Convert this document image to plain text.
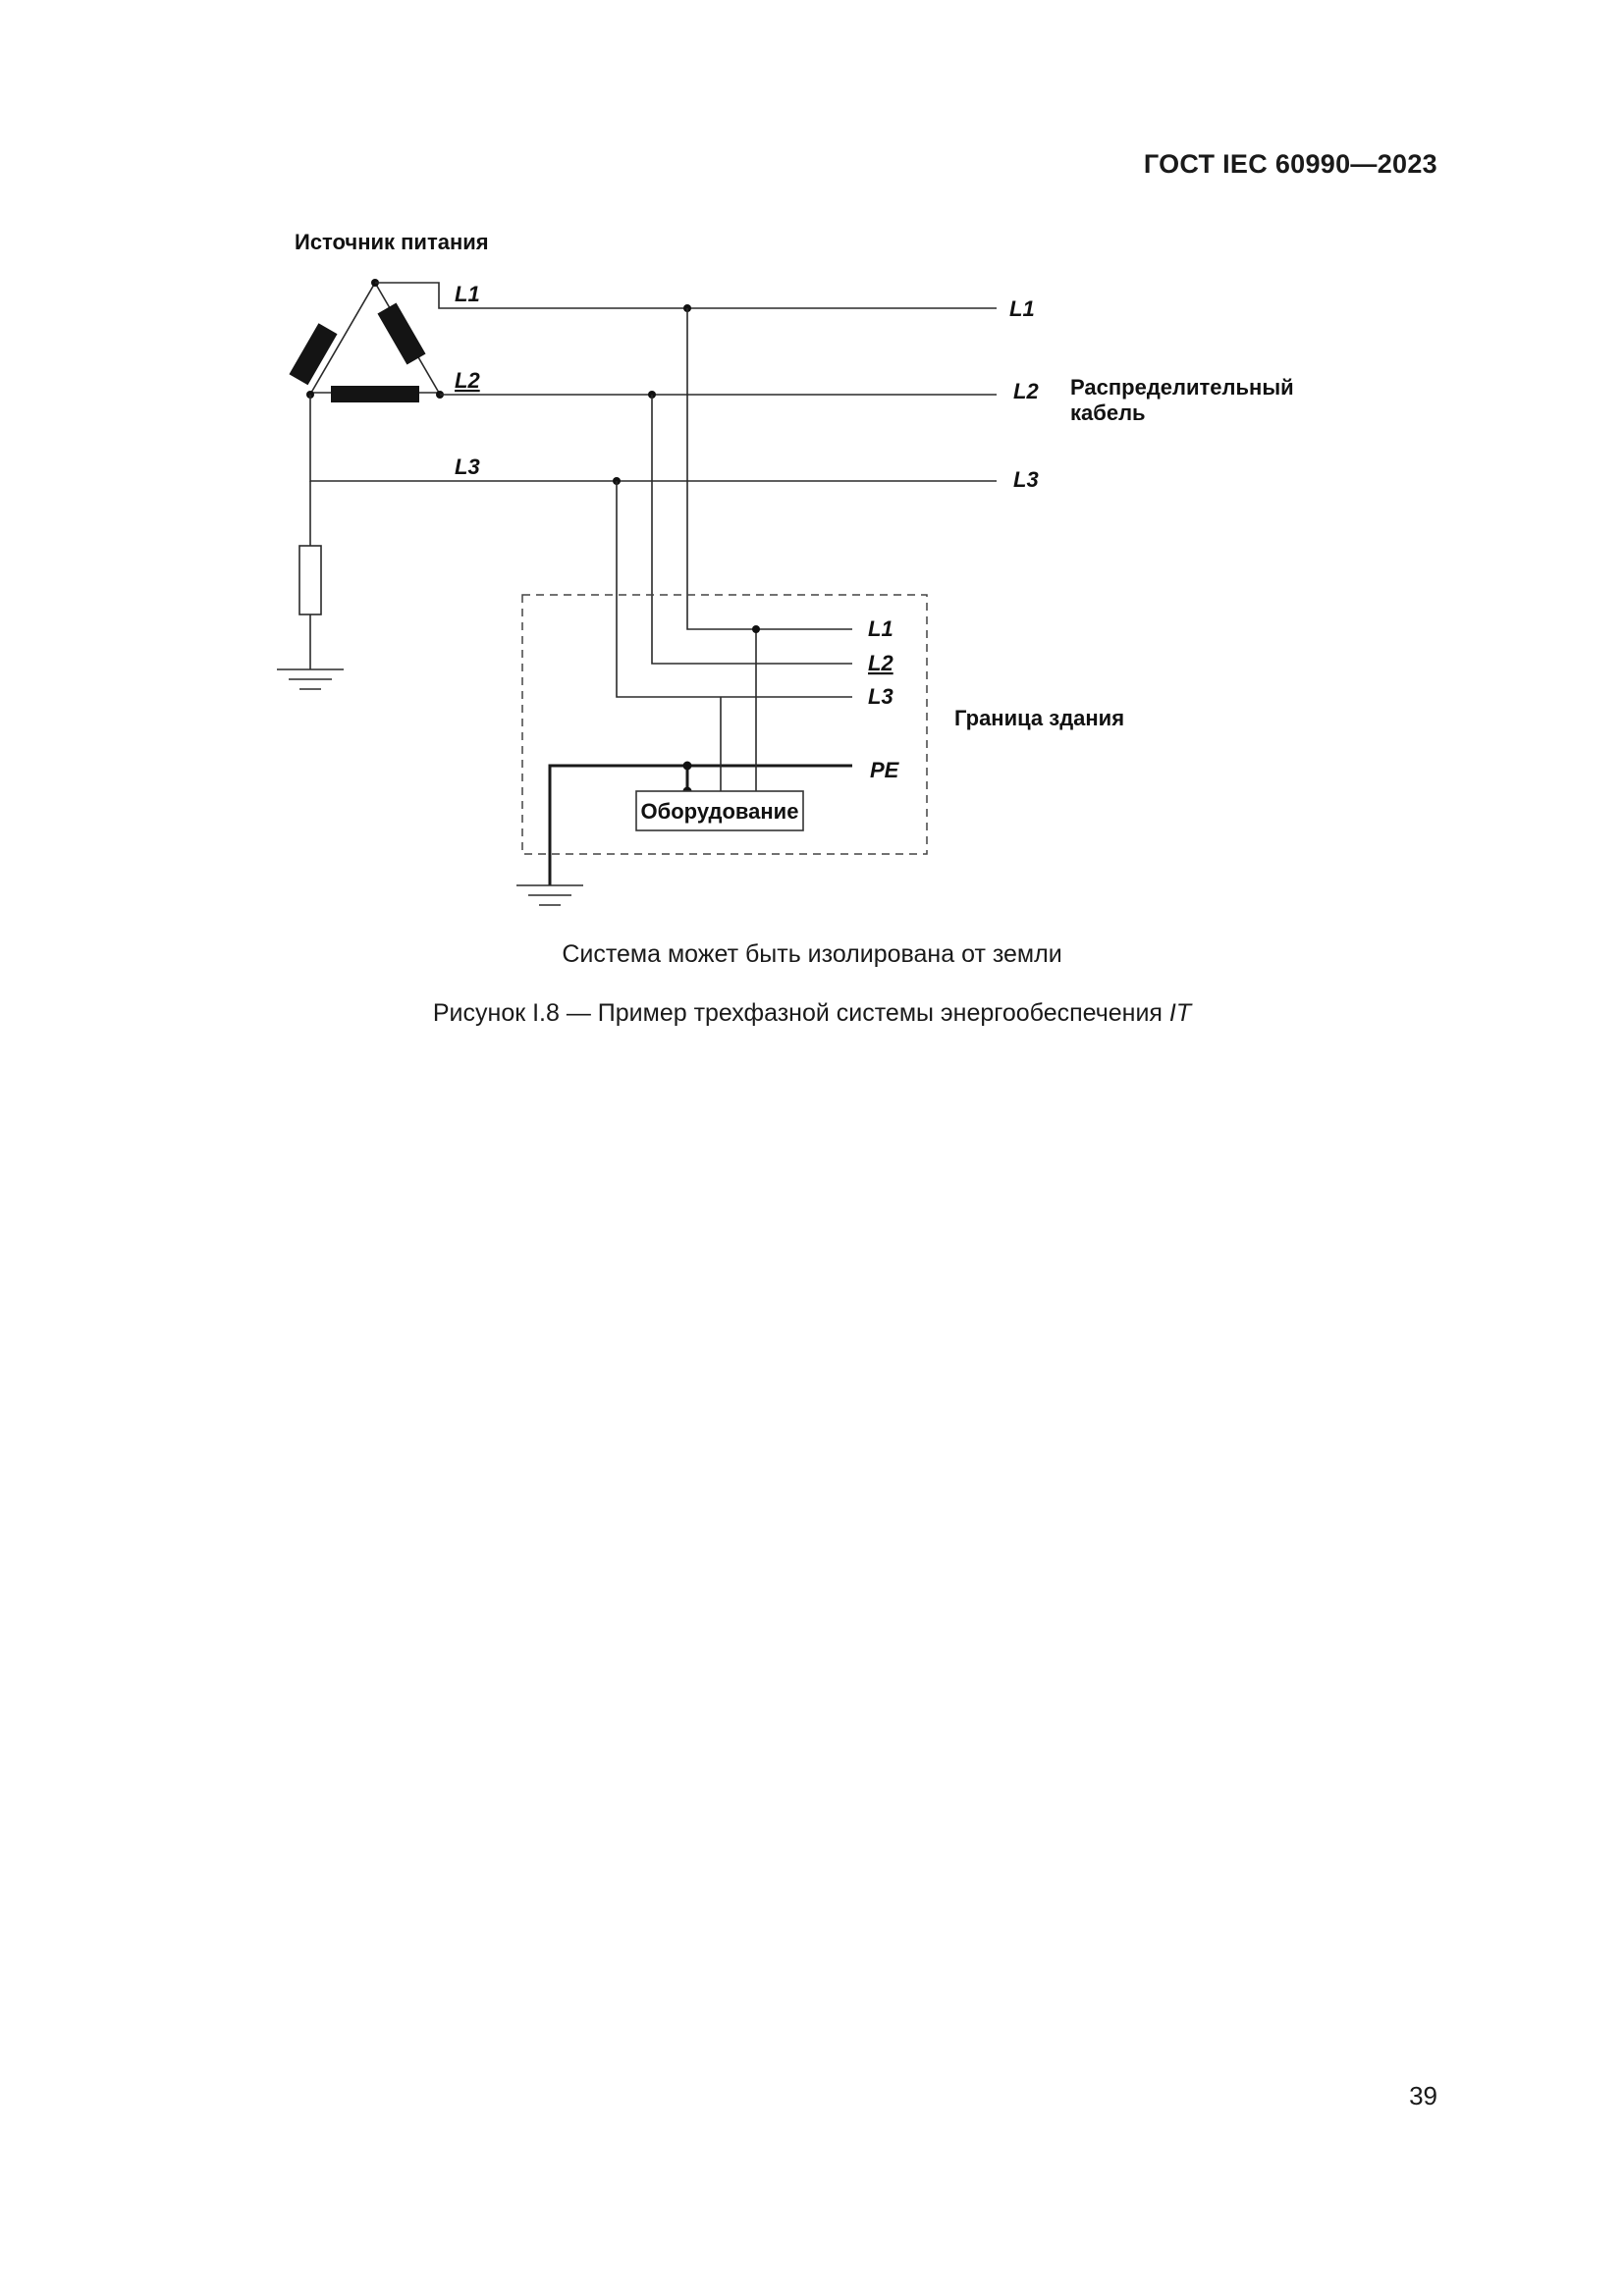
ГОСТ IEC 60990—2023
Источник питания
L1
L2
L3
L1
L2
L3
Распределительный
кабель
L1
L2
L3
PE
Граница здания
Оборудование
Система может быть изолирована от земли
Рисунок I.8 — Пример трехфазной системы энергообеспечения IT
39
